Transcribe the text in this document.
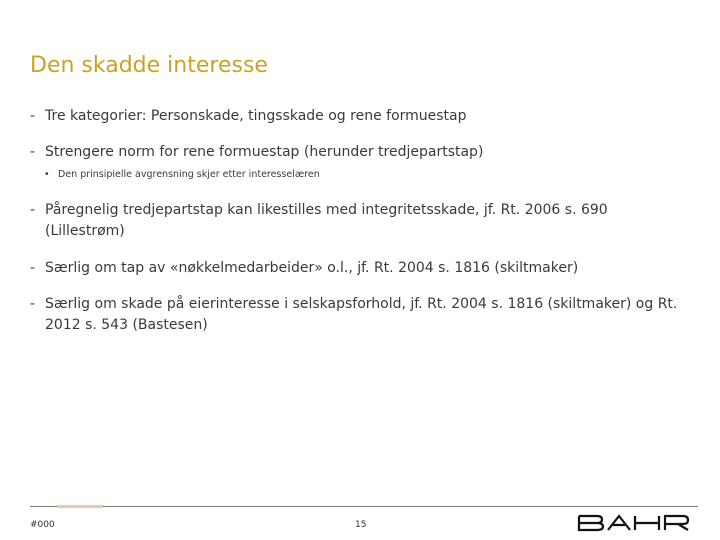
Den skadde interesse
- Tre kategorier: Personskade, tingsskade og rene formuestap
- Strengere norm for rene formuestap (herunder tredjepartstap)
• Den prinsipielle avgrensning skjer etter interesselæren
- Påregnelig tredjepartstap kan likestilles med integritetsskade, jf. Rt. 2006 s. 690 (Lillestrøm)
- Særlig om tap av «nøkkelmedarbeider» o.l., jf. Rt. 2004 s. 1816 (skiltmaker)
- Særlig om skade på eierinteresse i selskapsforhold, jf. Rt. 2004 s. 1816 (skiltmaker) og Rt. 2012 s. 543 (Bastesen)
#000	15
